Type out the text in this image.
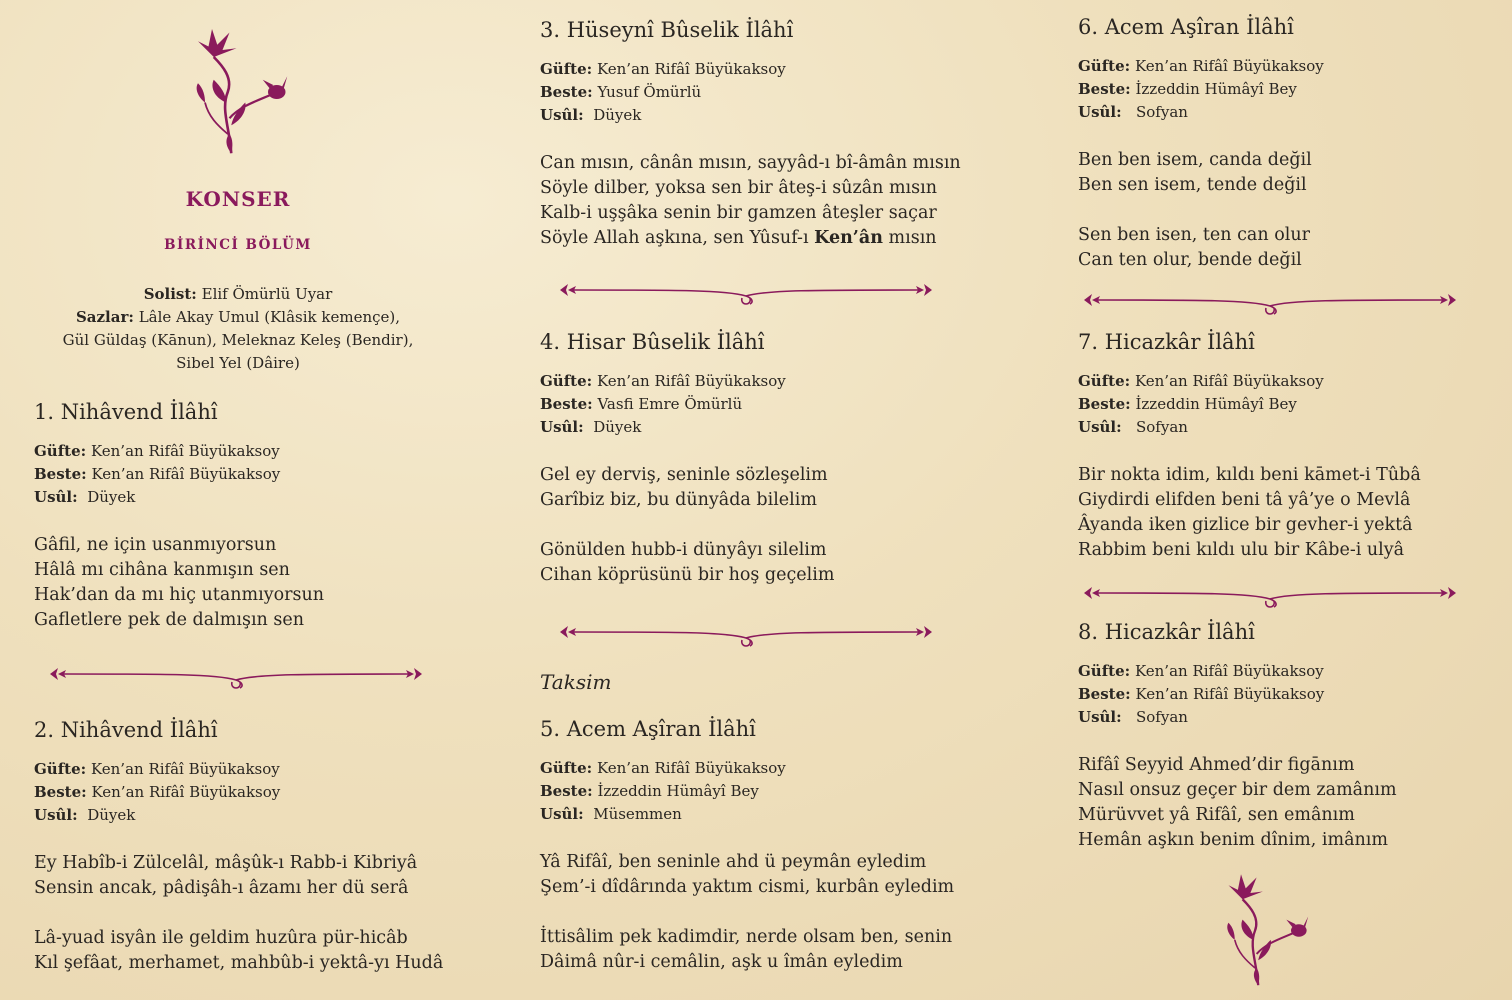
KONSER
BİRİNCİ BÖLÜM
Solist: Elif Ömürlü Uyar
Sazlar: Lâle Akay Umul (Klâsik kemençe),
Gül Güldaş (Kānun), Meleknaz Keleş (Bendir),
Sibel Yel (Dâire)
1. Nihâvend İlâhî
Güfte: Ken’an Rifâî Büyükaksoy
Beste: Ken’an Rifâî Büyükaksoy
Usûl: Düyek
Gâfil, ne için usanmıyorsun
Hâlâ mı cihâna kanmışın sen
Hak’dan da mı hiç utanmıyorsun
Gafletlere pek de dalmışın sen
2. Nihâvend İlâhî
Güfte: Ken’an Rifâî Büyükaksoy
Beste: Ken’an Rifâî Büyükaksoy
Usûl: Düyek
Ey Habîb-i Zülcelâl, mâşûk-ı Rabb-i Kibriyâ
Sensin ancak, pâdişâh-ı âzamı her dü serâ
Lâ-yuad isyân ile geldim huzûra pür-hicâb
Kıl şefâat, merhamet, mahbûb-i yektâ-yı Hudâ
3. Hüseynî Bûselik İlâhî
Güfte: Ken’an Rifâî Büyükaksoy
Beste: Yusuf Ömürlü
Usûl: Düyek
Can mısın, cânân mısın, sayyâd-ı bî-âmân mısın
Söyle dilber, yoksa sen bir âteş-i sûzân mısın
Kalb-i uşşâka senin bir gamzen âteşler saçar
Söyle Allah aşkına, sen Yûsuf-ı Ken’ân mısın
4. Hisar Bûselik İlâhî
Güfte: Ken’an Rifâî Büyükaksoy
Beste: Vasfi Emre Ömürlü
Usûl: Düyek
Gel ey derviş, seninle sözleşelim
Garîbiz biz, bu dünyâda bilelim
Gönülden hubb-i dünyâyı silelim
Cihan köprüsünü bir hoş geçelim
Taksim
5. Acem Aşîran İlâhî
Güfte: Ken’an Rifâî Büyükaksoy
Beste: İzzeddin Hümâyî Bey
Usûl: Müsemmen
Yâ Rifâî, ben seninle ahd ü peymân eyledim
Şem’-i dîdârında yaktım cismi, kurbân eyledim
İttisâlim pek kadimdir, nerde olsam ben, senin
Dâimâ nûr-i cemâlin, aşk u îmân eyledim
6. Acem Aşîran İlâhî
Güfte: Ken’an Rifâî Büyükaksoy
Beste: İzzeddin Hümâyî Bey
Usûl: Sofyan
Ben ben isem, canda değil
Ben sen isem, tende değil
Sen ben isen, ten can olur
Can ten olur, bende değil
7. Hicazkâr İlâhî
Güfte: Ken’an Rifâî Büyükaksoy
Beste: İzzeddin Hümâyî Bey
Usûl: Sofyan
Bir nokta idim, kıldı beni kāmet-i Tûbâ
Giydirdi elifden beni tâ yâ’ye o Mevlâ
Âyanda iken gizlice bir gevher-i yektâ
Rabbim beni kıldı ulu bir Kâbe-i ulyâ
8. Hicazkâr İlâhî
Güfte: Ken’an Rifâî Büyükaksoy
Beste: Ken’an Rifâî Büyükaksoy
Usûl: Sofyan
Rifâî Seyyid Ahmed’dir figānım
Nasıl onsuz geçer bir dem zamânım
Mürüvvet yâ Rifâî, sen emânım
Hemân aşkın benim dînim, imânım
